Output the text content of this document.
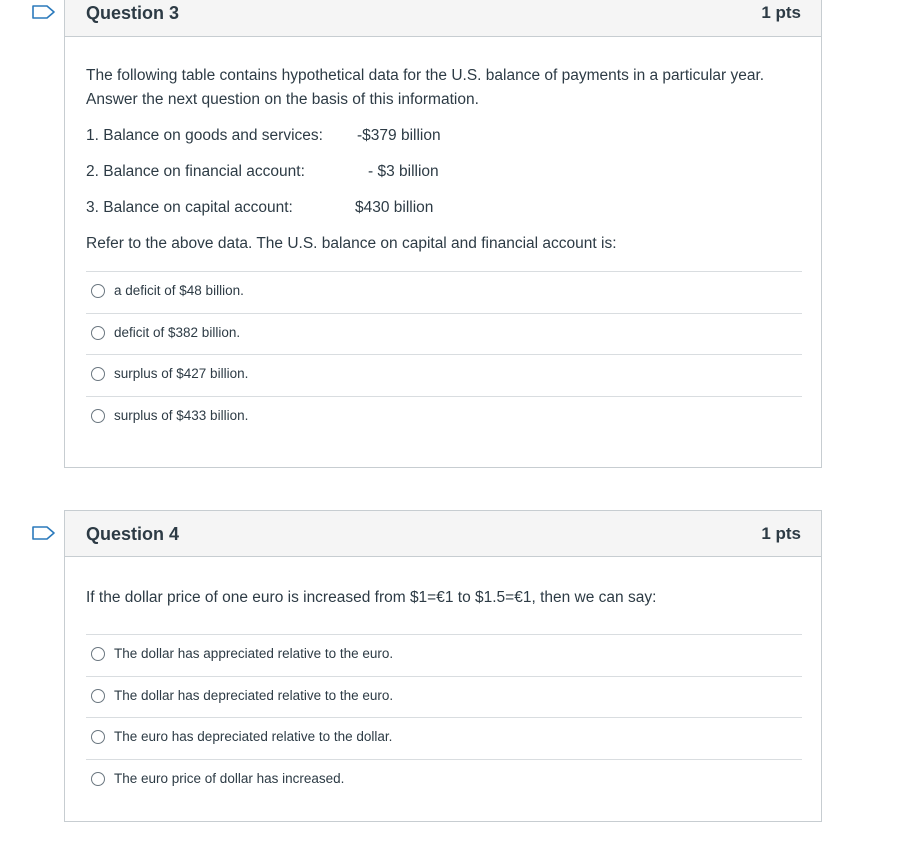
Question 3	1 pts
The following table contains hypothetical data for the U.S. balance of payments in a particular year.
Answer the next question on the basis of this information.
1. Balance on goods and services: -$379 billion
2. Balance on financial account:	- $3 billion
3. Balance on capital account:	$430 billion
Refer to the above data. The U.S. balance on capital and financial account is:
a deficit of $48 billion.
deficit of $382 billion.
surplus of $427 billion.
surplus of $433 billion.
Question 4	1 pts
If the dollar price of one euro is increased from $1=€1 to $1.5=€1, then we can say:
The dollar has appreciated relative to the euro.
The dollar has depreciated relative to the euro.
The euro has depreciated relative to the dollar.
The euro price of dollar has increased.
